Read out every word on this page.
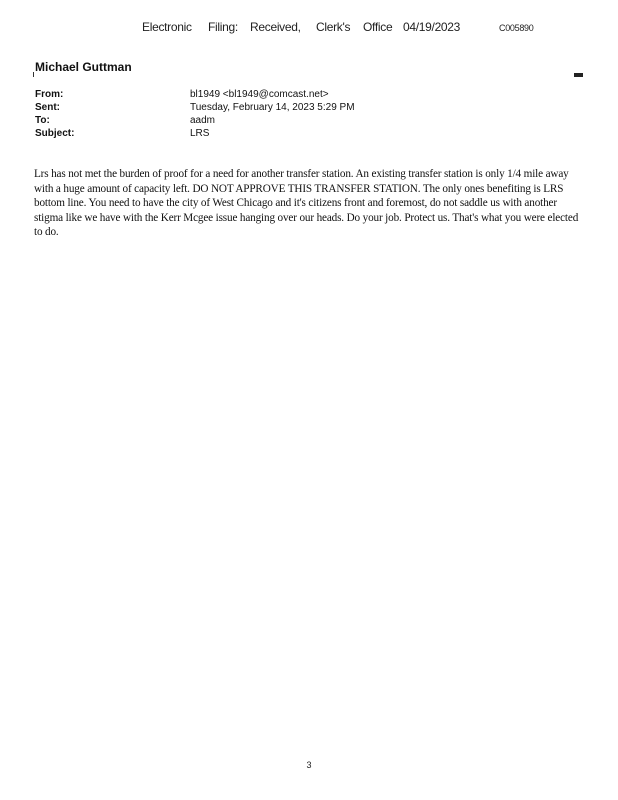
Electronic Filing: Received, Clerk's Office 04/19/2023	C005890
Michael Guttman
From:	bl1949 <bl1949@comcast.net>
Sent:	Tuesday, February 14, 2023 5:29 PM
To:	aadm
Subject:	LRS

Lrs has not met the burden of proof for a need for another transfer station. An existing transfer station is only 1/4 mile away with a huge amount of capacity left. DO NOT APPROVE THIS TRANSFER STATION. The only ones benefiting is LRS bottom line. You need to have the city of West Chicago and it's citizens front and foremost, do not saddle us with another stigma like we have with the Kerr Mcgee issue hanging over our heads. Do your job. Protect us. That's what you were elected to do.

3
